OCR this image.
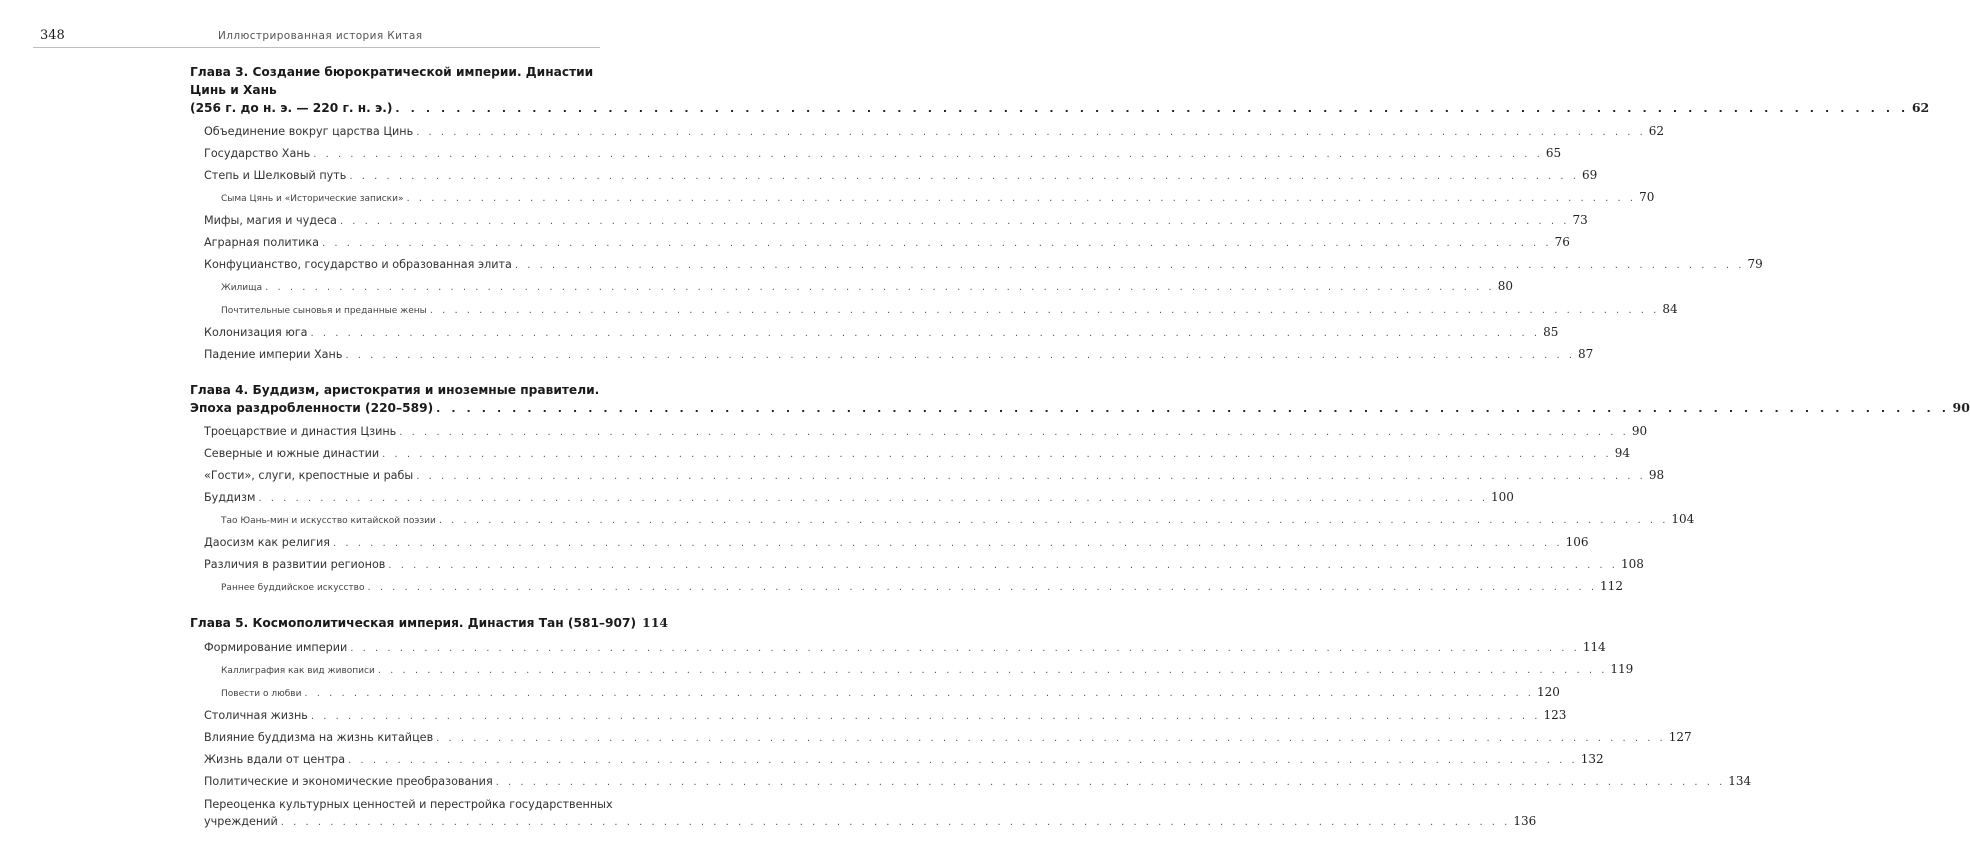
348	Иллюстрированная история Китая
Глава 3. Создание бюрократической империи. Династии Цинь и Хань
(256 г. до н. э. — 220 г. н. э.) . . .	62
Объединение вокруг царства Цинь . . .	62
Государство Хань . . .	65
Степь и Шелковый путь . . .	69
Сыма Цянь и «Исторические записки» . . .	70
Мифы, магия и чудеса . . .	73
Аграрная политика . . .	76
Конфуцианство, государство и образованная элита . . .	79
Жилища . . .	80
Почтительные сыновья и преданные жены . . .	84
Колонизация юга . . .	85
Падение империи Хань . . .	87
Глава 4. Буддизм, аристократия и иноземные правители.
Эпоха раздробленности (220–589) . . .	90
Троецарствие и династия Цзинь . . .	90
Северные и южные династии . . .	94
«Гости», слуги, крепостные и рабы . . .	98
Буддизм . . .	100
Тао Юань-мин и искусство китайской поэзии . . .	104
Даосизм как религия . . .	106
Различия в развитии регионов . . .	108
Раннее буддийское искусство . . .	112
Глава 5. Космополитическая империя. Династия Тан (581–907) 114
Формирование империи . . .	114
Каллиграфия как вид живописи . . .	119
Повести о любви . . .	120
Столичная жизнь . . .	123
Влияние буддизма на жизнь китайцев . . .	127
Жизнь вдали от центра . . .	132
Политические и экономические преобразования . . .	134
Переоценка культурных ценностей и перестройка государственных
учреждений . . .	136
